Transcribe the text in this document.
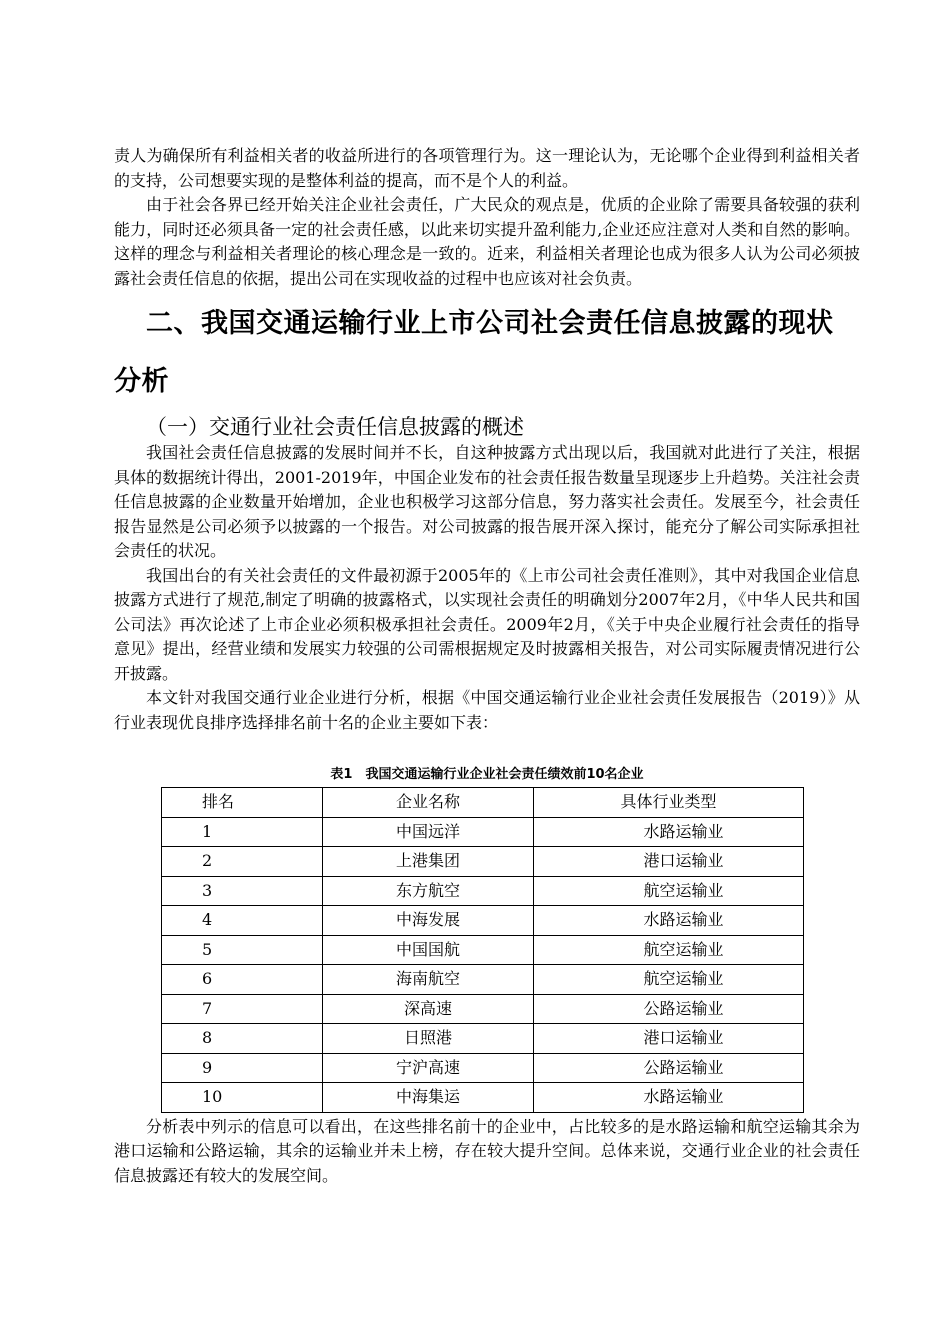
责人为确保所有利益相关者的收益所进行的各项管理行为。这一理论认为，无论哪个企业得到利益相关者的支持，公司想要实现的是整体利益的提高，而不是个人的利益。

由于社会各界已经开始关注企业社会责任，广大民众的观点是，优质的企业除了需要具备较强的获利能力，同时还必须具备一定的社会责任感，以此来切实提升盈利能力,企业还应注意对人类和自然的影响。这样的理念与利益相关者理论的核心理念是一致的。近来，利益相关者理论也成为很多人认为公司必须披露社会责任信息的依据，提出公司在实现收益的过程中也应该对社会负责。

二、我国交通运输行业上市公司社会责任信息披露的现状分析
（一）交通行业社会责任信息披露的概述

我国社会责任信息披露的发展时间并不长，自这种披露方式出现以后，我国就对此进行了关注，根据具体的数据统计得出，2001-2019年，中国企业发布的社会责任报告数量呈现逐步上升趋势。关注社会责任信息披露的企业数量开始增加，企业也积极学习这部分信息，努力落实社会责任。发展至今，社会责任报告显然是公司必须予以披露的一个报告。对公司披露的报告展开深入探讨，能充分了解公司实际承担社会责任的状况。

我国出台的有关社会责任的文件最初源于2005年的《上市公司社会责任准则》，其中对我国企业信息披露方式进行了规范,制定了明确的披露格式，以实现社会责任的明确划分2007年2月，《中华人民共和国公司法》再次论述了上市企业必须积极承担社会责任。2009年2月，《关于中央企业履行社会责任的指导意见》提出，经营业绩和发展实力较强的公司需根据规定及时披露相关报告，对公司实际履责情况进行公开披露。

本文针对我国交通行业企业进行分析，根据《中国交通运输行业企业社会责任发展报告（2019）》从行业表现优良排序选择排名前十名的企业主要如下表：

表1　我国交通运输行业企业社会责任绩效前10名企业
排名	企业名称	具体行业类型
1	中国远洋	水路运输业
2	上港集团	港口运输业
3	东方航空	航空运输业
4	中海发展	水路运输业
5	中国国航	航空运输业
6	海南航空	航空运输业
7	深高速	公路运输业
8	日照港	港口运输业
9	宁沪高速	公路运输业
10	中海集运	水路运输业

分析表中列示的信息可以看出，在这些排名前十的企业中，占比较多的是水路运输和航空运输其余为港口运输和公路运输，其余的运输业并未上榜，存在较大提升空间。总体来说，交通行业企业的社会责任信息披露还有较大的发展空间。
